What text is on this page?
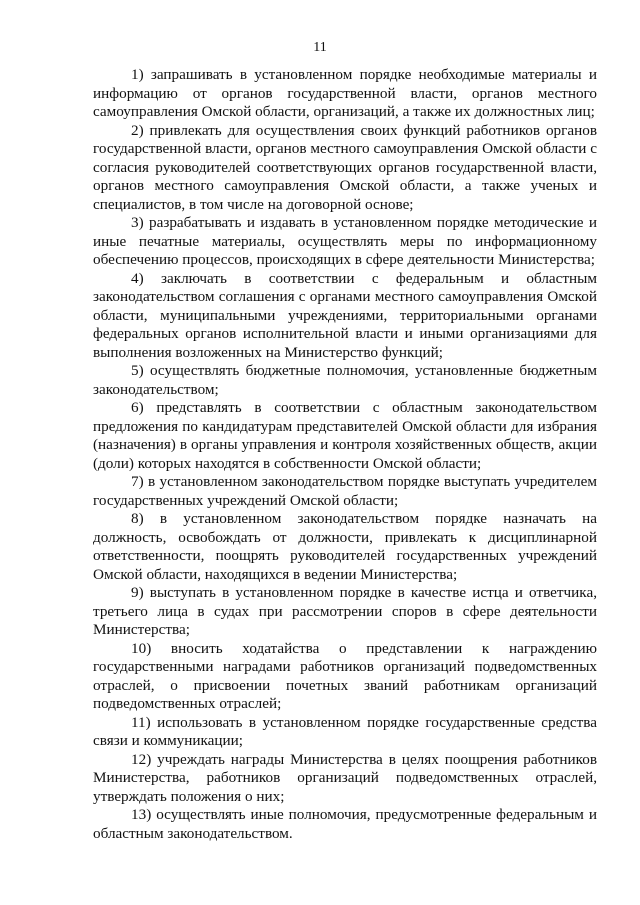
11

1) запрашивать в установленном порядке необходимые материалы и информацию от органов государственной власти, органов местного самоуправления Омской области, организаций, а также их должностных лиц;

2) привлекать для осуществления своих функций работников органов государственной власти, органов местного самоуправления Омской области с согласия руководителей соответствующих органов государственной власти, органов местного самоуправления Омской области, а также ученых и специалистов, в том числе на договорной основе;

3) разрабатывать и издавать в установленном порядке методические и иные печатные материалы, осуществлять меры по информационному обеспечению процессов, происходящих в сфере деятельности Министерства;

4) заключать в соответствии с федеральным и областным законодательством соглашения с органами местного самоуправления Омской области, муниципальными учреждениями, территориальными органами федеральных органов исполнительной власти и иными организациями для выполнения возложенных на Министерство функций;

5) осуществлять бюджетные полномочия, установленные бюджетным законодательством;

6) представлять в соответствии с областным законодательством предложения по кандидатурам представителей Омской области для избрания (назначения) в органы управления и контроля хозяйственных обществ, акции (доли) которых находятся в собственности Омской области;

7) в установленном законодательством порядке выступать учредителем государственных учреждений Омской области;

8) в установленном законодательством порядке назначать на должность, освобождать от должности, привлекать к дисциплинарной ответственности, поощрять руководителей государственных учреждений Омской области, находящихся в ведении Министерства;

9) выступать в установленном порядке в качестве истца и ответчика, третьего лица в судах при рассмотрении споров в сфере деятельности Министерства;

10) вносить ходатайства о представлении к награждению государственными наградами работников организаций подведомственных отраслей, о присвоении почетных званий работникам организаций подведомственных отраслей;

11) использовать в установленном порядке государственные средства связи и коммуникации;

12) учреждать награды Министерства в целях поощрения работников Министерства, работников организаций подведомственных отраслей, утверждать положения о них;

13) осуществлять иные полномочия, предусмотренные федеральным и областным законодательством.
